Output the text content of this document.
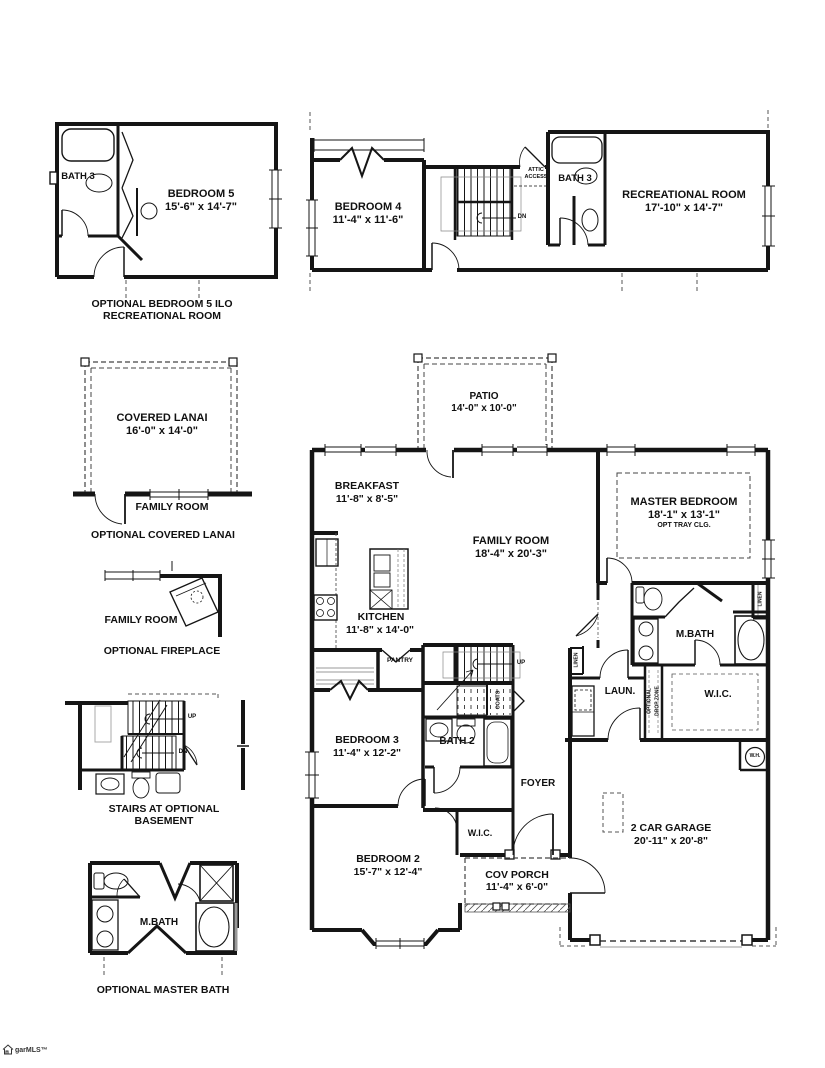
BATH 3
BEDROOM 5
15'-6" x 14'-7"
OPTIONAL BEDROOM 5 ILO
RECREATIONAL ROOM
BEDROOM 4
11'-4" x 11'-6"	DN
ATTIC
ACCESS BATH 3
RECREATIONAL ROOM
17'-10" x 14'-7"
COVERED LANAI
16'-0" x 14'-0"
FAMILY ROOM
OPTIONAL COVERED LANAI
FAMILY ROOM
OPTIONAL FIREPLACE
UP
DN
STAIRS AT OPTIONAL
BASEMENT
M.BATH
OPTIONAL MASTER BATH
PATIO
14'-0" x 10'-0"
BREAKFAST
11'-8" x 8'-5"
FAMILY ROOM
18'-4" x 20'-3"
MASTER BEDROOM
18'-1" x 13'-1"
OPT TRAY CLG.
KITCHEN
11'-8" x 14'-0"
PANTRY	UP
COATS
M.BATH
LINEN
LINEN
LAUN. OPTIONAL DROP ZONE	W.I.C.
BEDROOM 3
11'-4" x 12'-2"
BATH 2
FOYER
W.H.
W.I.C.
BEDROOM 2
15'-7" x 12'-4"	COV PORCH
11'-4" x 6'-0"
2 CAR GARAGE
20'-11" x 20'-8"
garMLS™
